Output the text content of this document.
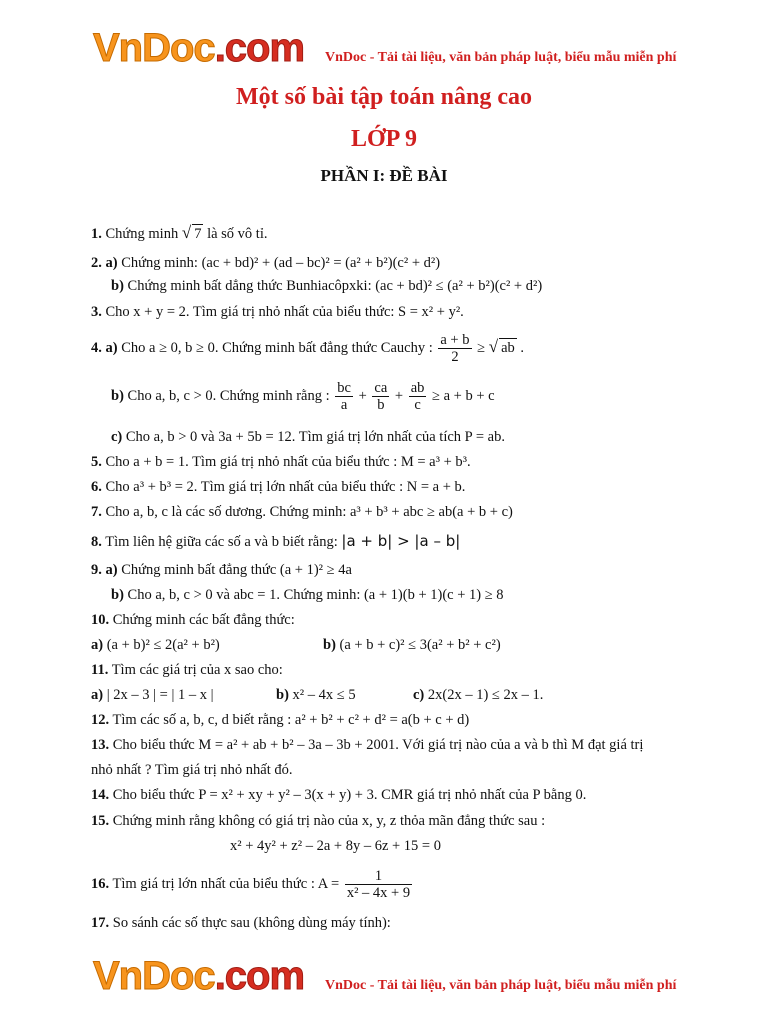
VnDoc.com VnDoc - Tải tài liệu, văn bản pháp luật, biểu mẫu miễn phí
Một số bài tập toán nâng cao
LỚP 9
PHẦN I: ĐỀ BÀI
1. Chứng minh √ 7 là số vô tỉ.
2. a) Chứng minh: (ac + bd)² + (ad – bc)² = (a² + b²)(c² + d²)
b) Chứng minh bất dẳng thức Bunhiacôpxki: (ac + bd)² ≤ (a² + b²)(c² + d²)
3. Cho x + y = 2. Tìm giá trị nhỏ nhất của biểu thức: S = x² + y².
4. a) Cho a ≥ 0, b ≥ 0. Chứng minh bất đẳng thức Cauchy : $\frac{a + b}{2}$ ≥ √ ab .
b) Cho a, b, c > 0. Chứng minh rằng : $\frac{bc}{a} + \frac{ca}{b} + \frac{ab}{c} \ge a + b + c$
c) Cho a, b > 0 và 3a + 5b = 12. Tìm giá trị lớn nhất của tích P = ab.
5. Cho a + b = 1. Tìm giá trị nhỏ nhất của biểu thức : M = a³ + b³.
6. Cho a³ + b³ = 2. Tìm giá trị lớn nhất của biểu thức : N = a + b.
7. Cho a, b, c là các số dương. Chứng minh: a³ + b³ + abc ≥ ab(a + b + c)
8. Tìm liên hệ giữa các số a và b biết rằng: |a + b| > |a – b|
9. a) Chứng minh bất đẳng thức (a + 1)² ≥ 4a
b) Cho a, b, c > 0 và abc = 1. Chứng minh: (a + 1)(b + 1)(c + 1) ≥ 8
10. Chứng minh các bất đẳng thức:
a) (a + b)² ≤ 2(a² + b²)	b) (a + b + c)² ≤ 3(a² + b² + c²)
11. Tìm các giá trị của x sao cho:
a) | 2x – 3 | = | 1 – x |	b) x² – 4x ≤ 5	c) 2x(2x – 1) ≤ 2x – 1.
12. Tìm các số a, b, c, d biết rằng : a² + b² + c² + d² = a(b + c + d)
13. Cho biểu thức M = a² + ab + b² – 3a – 3b + 2001. Với giá trị nào của a và b thì M đạt giá trị
nhỏ nhất ? Tìm giá trị nhỏ nhất đó.
14. Cho biểu thức P = x² + xy + y² – 3(x + y) + 3. CMR giá trị nhỏ nhất của P bằng 0.
15. Chứng minh rằng không có giá trị nào của x, y, z thỏa mãn đẳng thức sau :
x² + 4y² + z² – 2a + 8y – 6z + 15 = 0
16. Tìm giá trị lớn nhất của biểu thức : $A = \frac{1}{\text{x² – 4x + 9}}$
17. So sánh các số thực sau (không dùng máy tính):
VnDoc.com VnDoc - Tải tài liệu, văn bản pháp luật, biểu mẫu miễn phí
